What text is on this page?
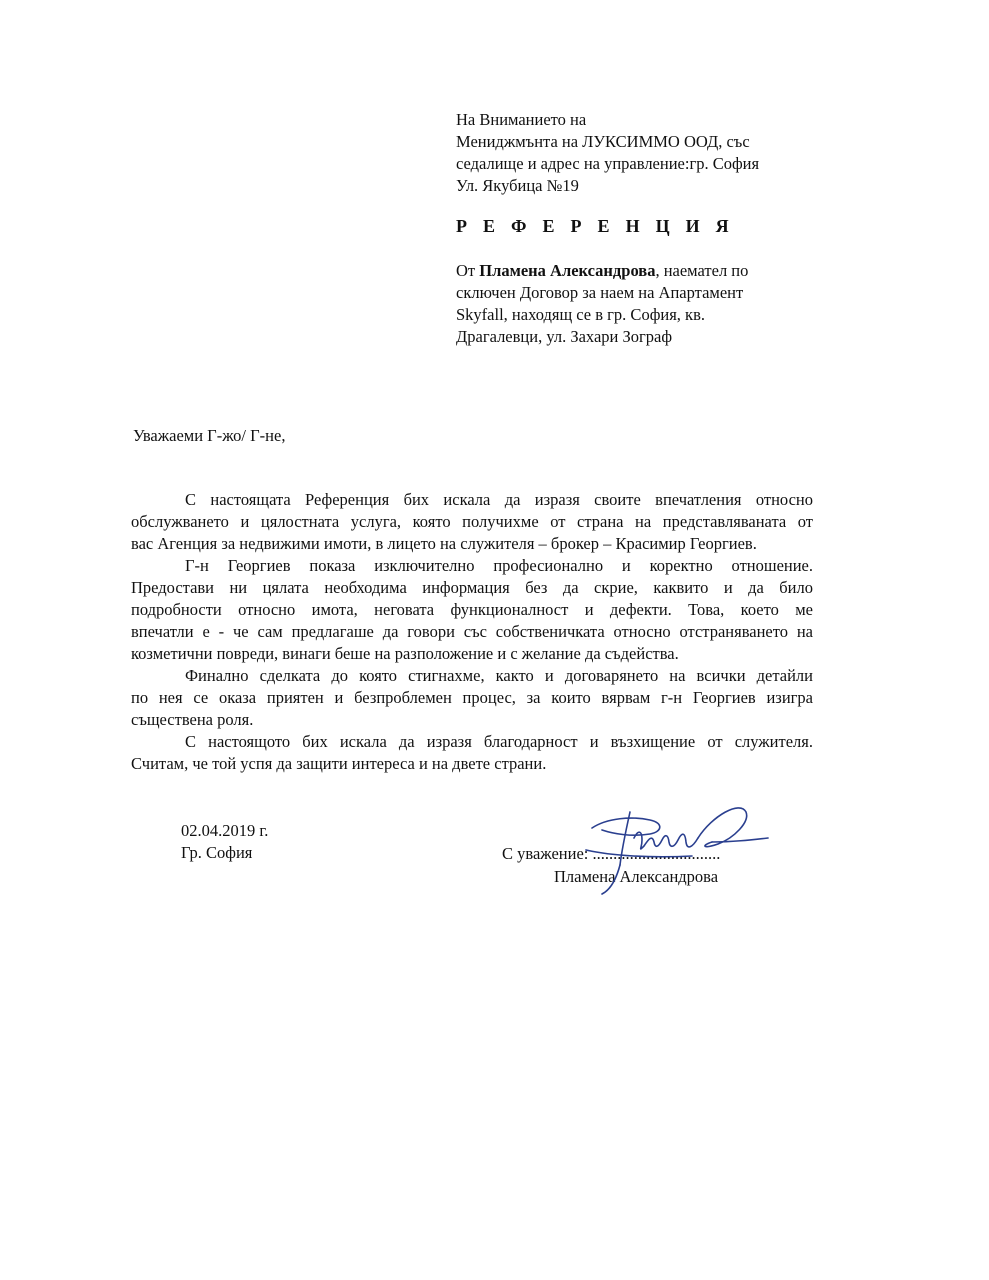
На Вниманието на
Мениджмънта на ЛУКСИММО ООД, със
седалище и адрес на управление:гр. София
Ул. Якубица №19
Р Е Ф Е Р Е Н Ц И Я
От Пламена Александрова, наемател по
сключен Договор за наем на Апартамент
Skyfall, находящ се в гр. София, кв.
Драгалевци, ул. Захари Зограф
Уважаеми Г-жо/ Г-не,
С настоящата Референция бих искала да изразя своите впечатления относно
обслужването и цялостната услуга, която получихме от страна на представляваната от
вас Агенция за недвижими имоти, в лицето на служителя – брокер – Красимир Георгиев.
Г-н Георгиев показа изключително професионално и коректно отношение.
Предостави ни цялата необходима информация без да скрие, каквито и да било
подробности относно имота, неговата функционалност и дефекти. Това, което ме
впечатли е - че сам предлагаше да говори със собственичката относно отстраняването на
козметични повреди, винаги беше на разположение и с желание да съдейства.
Финално сделката до която стигнахме, както и договарянето на всички детайли
по нея се оказа приятен и безпроблемен процес, за които вярвам г-н Георгиев изигра
съществена роля.
С настоящото бих искала да изразя благодарност и възхищение от служителя.
Считам, че той успя да защити интереса и на двете страни.
02.04.2019 г.
Гр. София	С уважение: ...............................
Пламена Александрова
